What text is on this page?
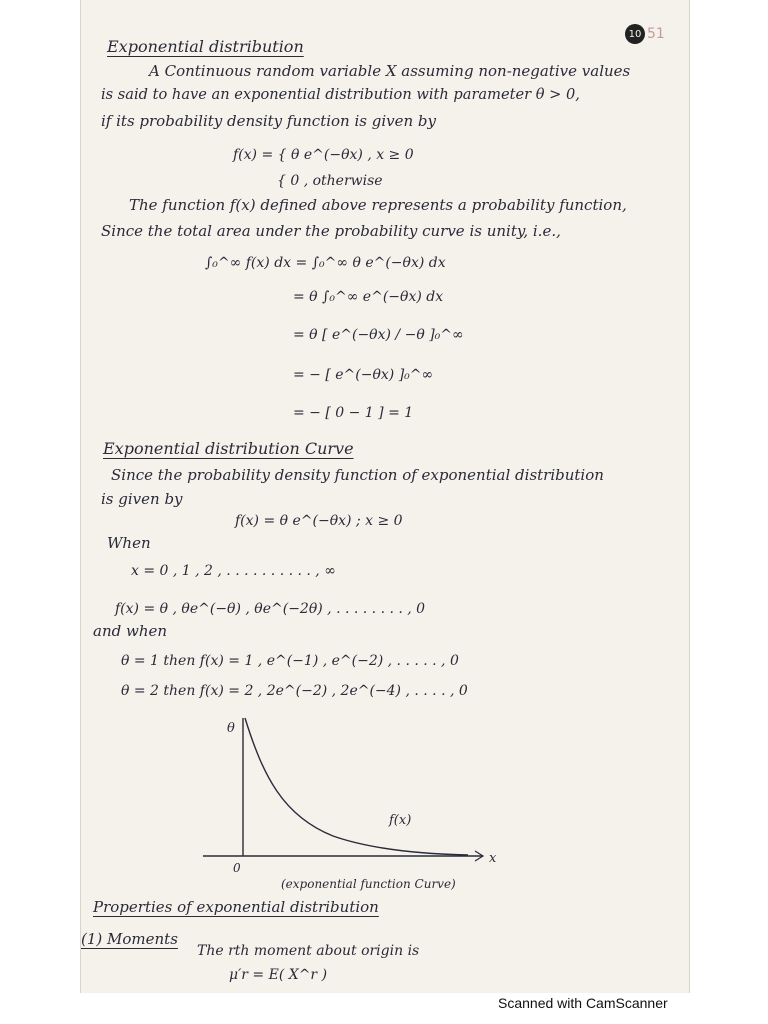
10 51
Exponential distribution
A Continuous random variable X assuming non-negative values
is said to have an exponential distribution with parameter θ > 0,
if its probability density function is given by
f(x) = { θ e^(−θx) , x ≥ 0
{ 0 , otherwise
The function f(x) defined above represents a probability function,
Since the total area under the probability curve is unity, i.e.,
∫₀^∞ f(x) dx = ∫₀^∞ θ e^(−θx) dx
= θ ∫₀^∞ e^(−θx) dx
= θ [ e^(−θx) / −θ ]₀^∞
= − [ e^(−θx) ]₀^∞
= − [ 0 − 1 ] = 1
Exponential distribution Curve
Since the probability density function of exponential distribution
is given by
f(x) = θ e^(−θx) ; x ≥ 0
When
x = 0 , 1 , 2 , . . . . . . . . . . , ∞
f(x) = θ , θe^(−θ) , θe^(−2θ) , . . . . . . . . , 0
and when
θ = 1 then f(x) = 1 , e^(−1) , e^(−2) , . . . . . , 0
θ = 2 then f(x) = 2 , 2e^(−2) , 2e^(−4) , . . . . , 0
θ
x
0
f(x)
(exponential function Curve)
Properties of exponential distribution
(1) Moments
The rth moment about origin is
μ′r = E( X^r )
Scanned with CamScanner
